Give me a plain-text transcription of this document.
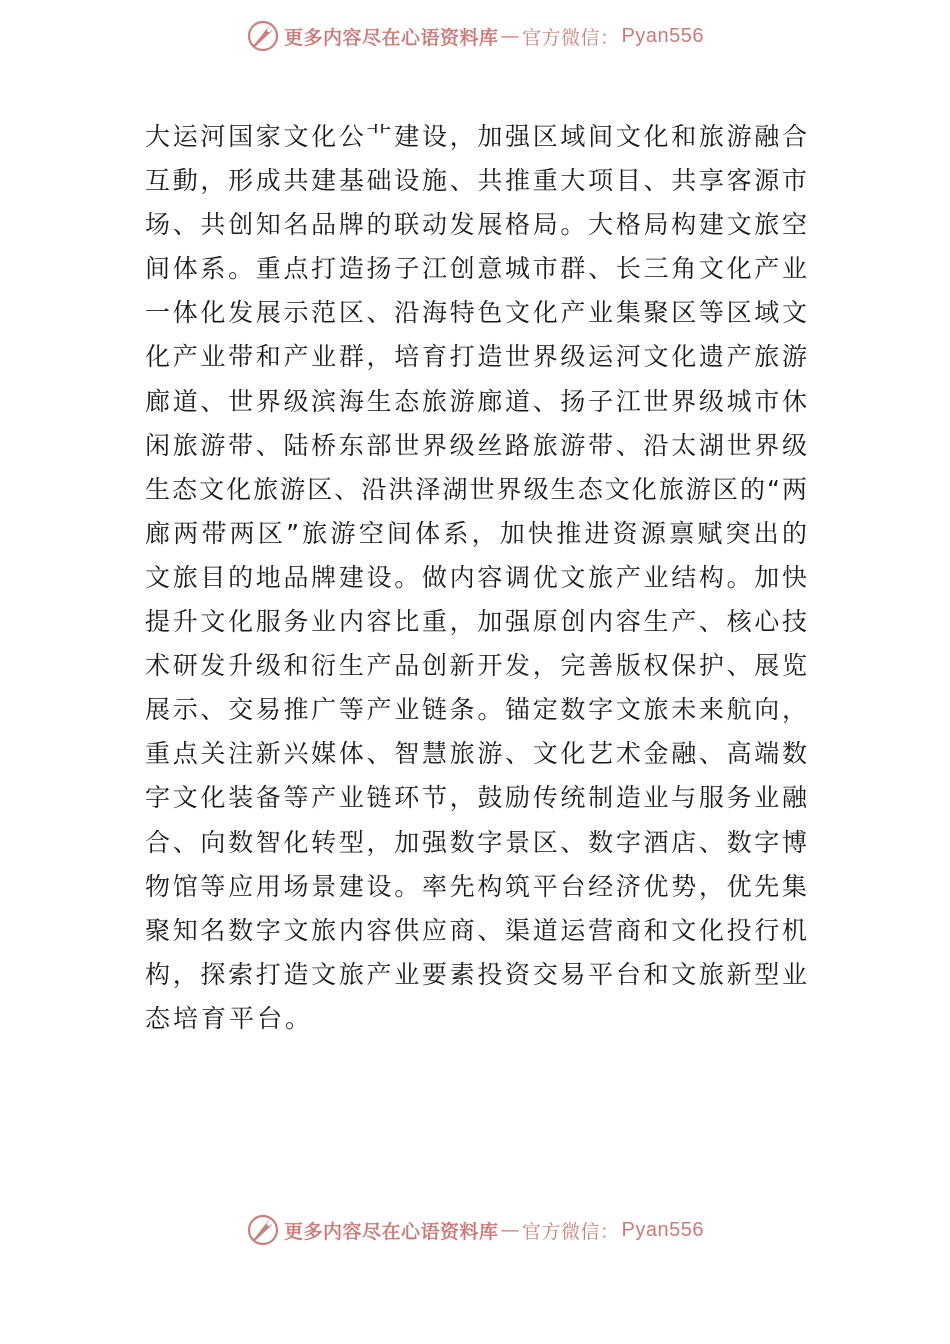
更多内容尽在心语资料库 — 官方微信： Pyan556
大运河国家文化公⻀建设，加强区域间文化和旅游融合
互動，形成共建基础设施、共推重大项目、共享客源市
场、共创知名品牌的联动发展格局。大格局构建文旅空
间体系。重点打造扬子江创意城市群、长三角文化产业
一体化发展示范区、沿海特色文化产业集聚区等区域文
化产业带和产业群，培育打造世界级运河文化遗产旅游
廊道、世界级滨海生态旅游廊道、扬子江世界级城市休
闲旅游带、陆桥东部世界级丝路旅游带、沿太湖世界级
生态文化旅游区、沿洪泽湖世界级生态文化旅游区的“两
廊两带两区”旅游空间体系，加快推进资源禀赋突出的
文旅目的地品牌建设。做内容调优文旅产业结构。加快
提升文化服务业内容比重，加强原创内容生产、核心技
术研发升级和衍生产品创新开发，完善版权保护、展览
展示、交易推广等产业链条。锚定数字文旅未来航向，
重点关注新兴媒体、智慧旅游、文化艺术金融、高端数
字文化装备等产业链环节，鼓励传统制造业与服务业融
合、向数智化转型，加强数字景区、数字酒店、数字博
物馆等应用场景建设。率先构筑平台经济优势，优先集
聚知名数字文旅内容供应商、渠道运营商和文化投行机
构，探索打造文旅产业要素投资交易平台和文旅新型业
态培育平台。
更多内容尽在心语资料库 — 官方微信： Pyan556
